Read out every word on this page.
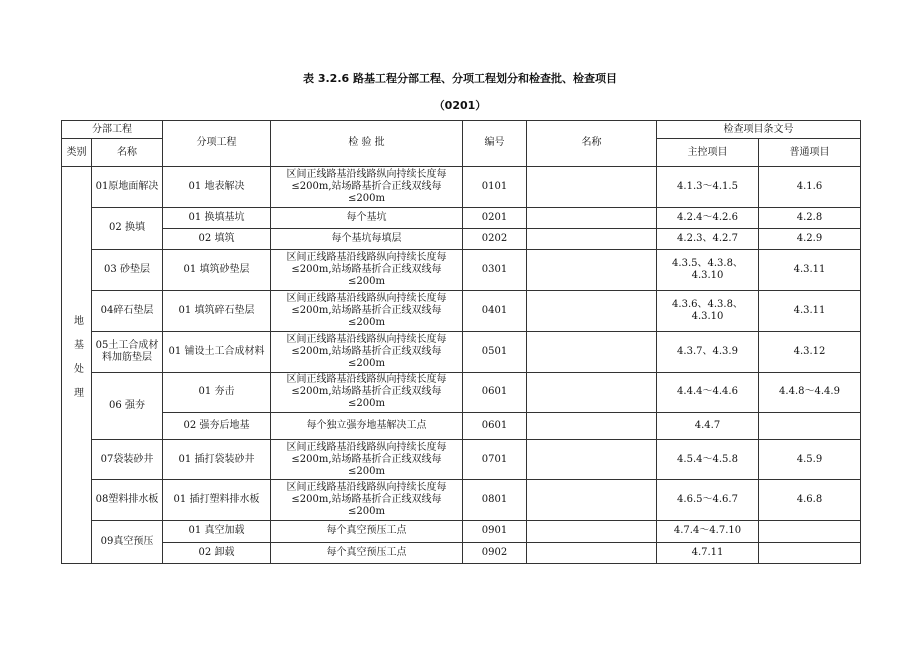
表 3.2.6 路基工程分部工程、分项工程划分和检查批、检查项目
（0201）
分部工程		分项工程	检 验 批	编号	名称	检查项目条文号	
类别	名称					主控项目	普通项目
地基处理	01原地面解决	01 地表解决	区间正线路基沿线路纵向持续长度每≤200m,站场路基折合正线双线每≤200m	0101		4.1.3～4.1.5	4.1.6
	02 换填	01 换填基坑	每个基坑	0201		4.2.4～4.2.6	4.2.8
		02 填筑	每个基坑每填层	0202		4.2.3、4.2.7	4.2.9
	03 砂垫层	01 填筑砂垫层	区间正线路基沿线路纵向持续长度每≤200m,站场路基折合正线双线每≤200m	0301		4.3.5、4.3.8、4.3.10	4.3.11
	04碎石垫层	01 填筑碎石垫层	区间正线路基沿线路纵向持续长度每≤200m,站场路基折合正线双线每≤200m	0401		4.3.6、4.3.8、4.3.10	4.3.11
	05土工合成材料加筋垫层	01 铺设土工合成材料	区间正线路基沿线路纵向持续长度每≤200m,站场路基折合正线双线每≤200m	0501		4.3.7、4.3.9	4.3.12
	06 强夯	01 夯击	区间正线路基沿线路纵向持续长度每≤200m,站场路基折合正线双线每≤200m	0601		4.4.4～4.4.6	4.4.8～4.4.9
		02 强夯后地基	每个独立强夯地基解决工点	0601		4.4.7	
	07袋装砂井	01 插打袋装砂井	区间正线路基沿线路纵向持续长度每≤200m,站场路基折合正线双线每≤200m	0701		4.5.4～4.5.8	4.5.9
	08塑料排水板	01 插打塑料排水板	区间正线路基沿线路纵向持续长度每≤200m,站场路基折合正线双线每≤200m	0801		4.6.5～4.6.7	4.6.8
	09真空预压	01 真空加载	每个真空预压工点	0901		4.7.4～4.7.10	
		02 卸载	每个真空预压工点	0902		4.7.11	
